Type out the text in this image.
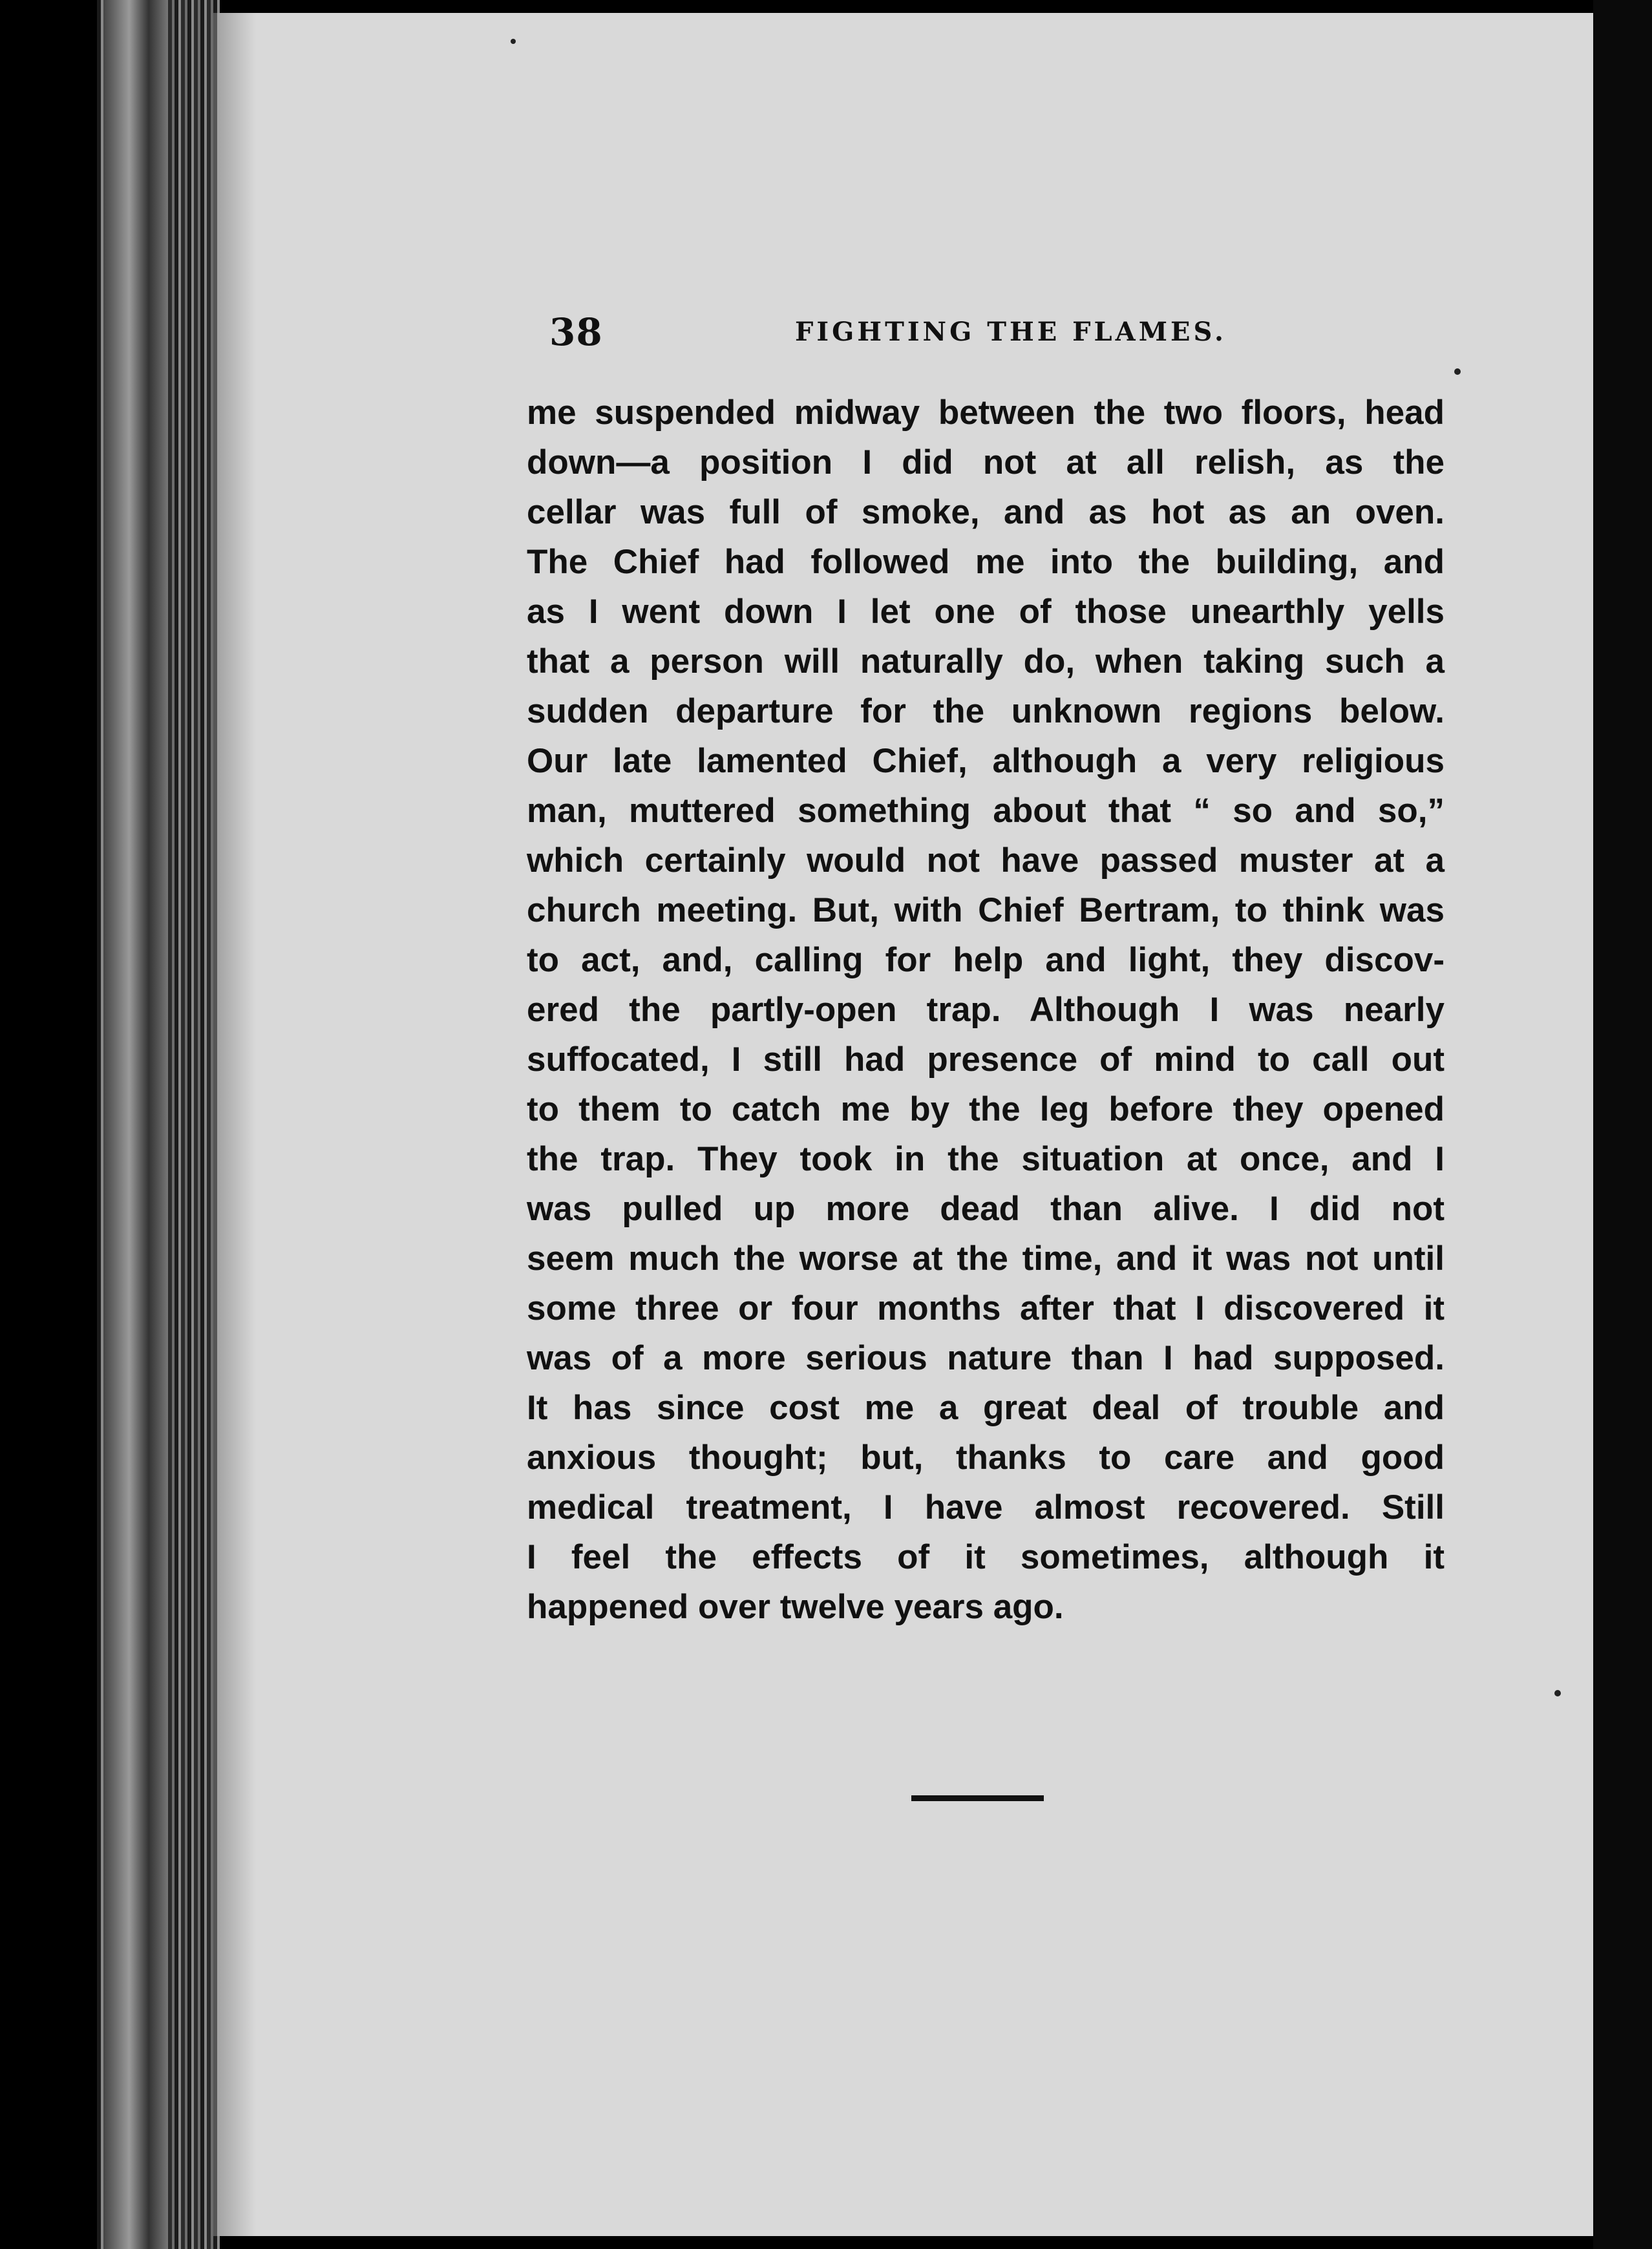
38	FIGHTING THE FLAMES.
me suspended midway between the two floors, head
down—a position I did not at all relish, as the
cellar was full of smoke, and as hot as an oven.
The Chief had followed me into the building, and
as I went down I let one of those unearthly yells
that a person will naturally do, when taking such a
sudden departure for the unknown regions below.
Our late lamented Chief, although a very religious
man, muttered something about that “ so and so,”
which certainly would not have passed muster at a
church meeting. But, with Chief Bertram, to think was
to act, and, calling for help and light, they discov-
ered the partly-open trap. Although I was nearly
suffocated, I still had presence of mind to call out
to them to catch me by the leg before they opened
the trap. They took in the situation at once, and I
was pulled up more dead than alive. I did not
seem much the worse at the time, and it was not until
some three or four months after that I discovered it
was of a more serious nature than I had supposed.
It has since cost me a great deal of trouble and
anxious thought; but, thanks to care and good
medical treatment, I have almost recovered. Still
I feel the effects of it sometimes, although it
happened over twelve years ago.
